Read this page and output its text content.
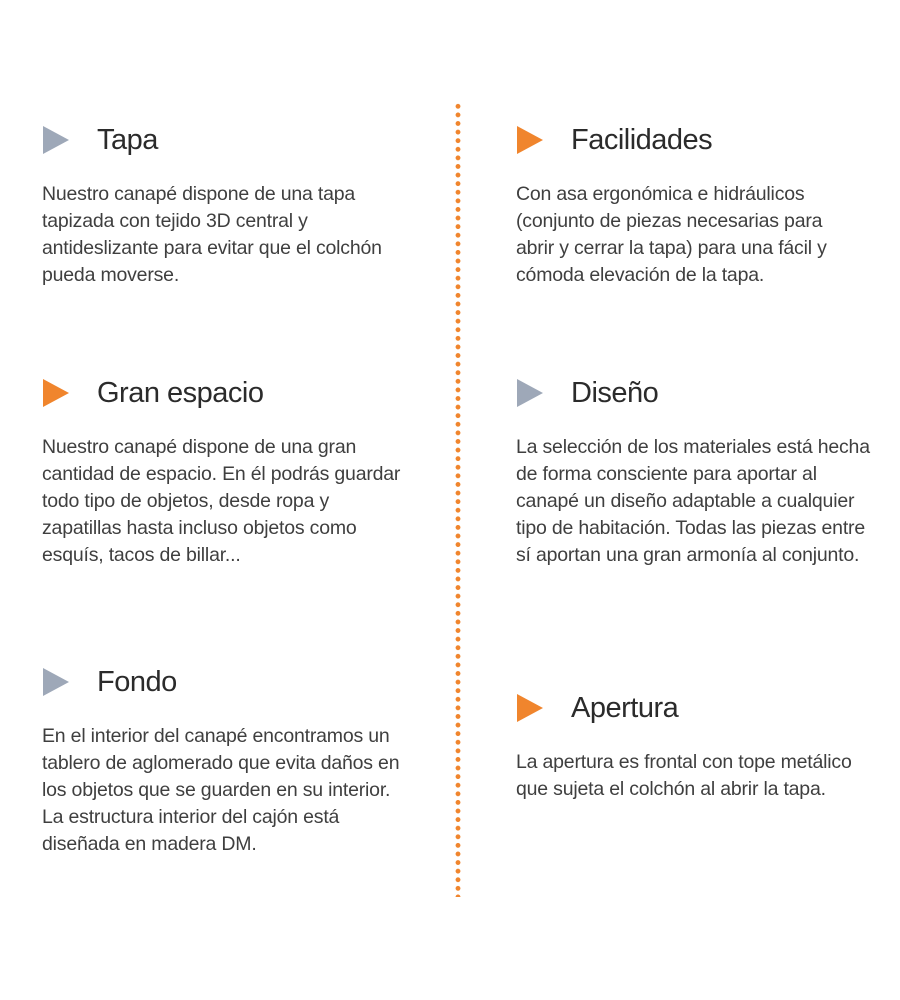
Tapa
Nuestro canapé dispone de una tapa tapizada con tejido 3D central y antideslizante para evitar que el colchón pueda moverse.
Gran espacio
Nuestro canapé dispone de una gran cantidad de espacio. En él podrás guardar todo tipo de objetos, desde ropa y zapatillas hasta incluso objetos como esquís, tacos de billar...
Fondo
En el interior del canapé encontramos un tablero de aglomerado que evita daños en los objetos que se guarden en su interior. La estructura interior del cajón está diseñada en madera DM.
Facilidades
Con asa ergonómica e hidráulicos (conjunto de piezas necesarias para abrir y cerrar la tapa) para una fácil y cómoda elevación de la tapa.
Diseño
La selección de los materiales está hecha de forma consciente para aportar al canapé un diseño adaptable a cualquier tipo de habitación. Todas las piezas entre sí aportan una gran armonía al conjunto.
Apertura
La apertura es frontal con tope metálico que sujeta el colchón al abrir la tapa.
